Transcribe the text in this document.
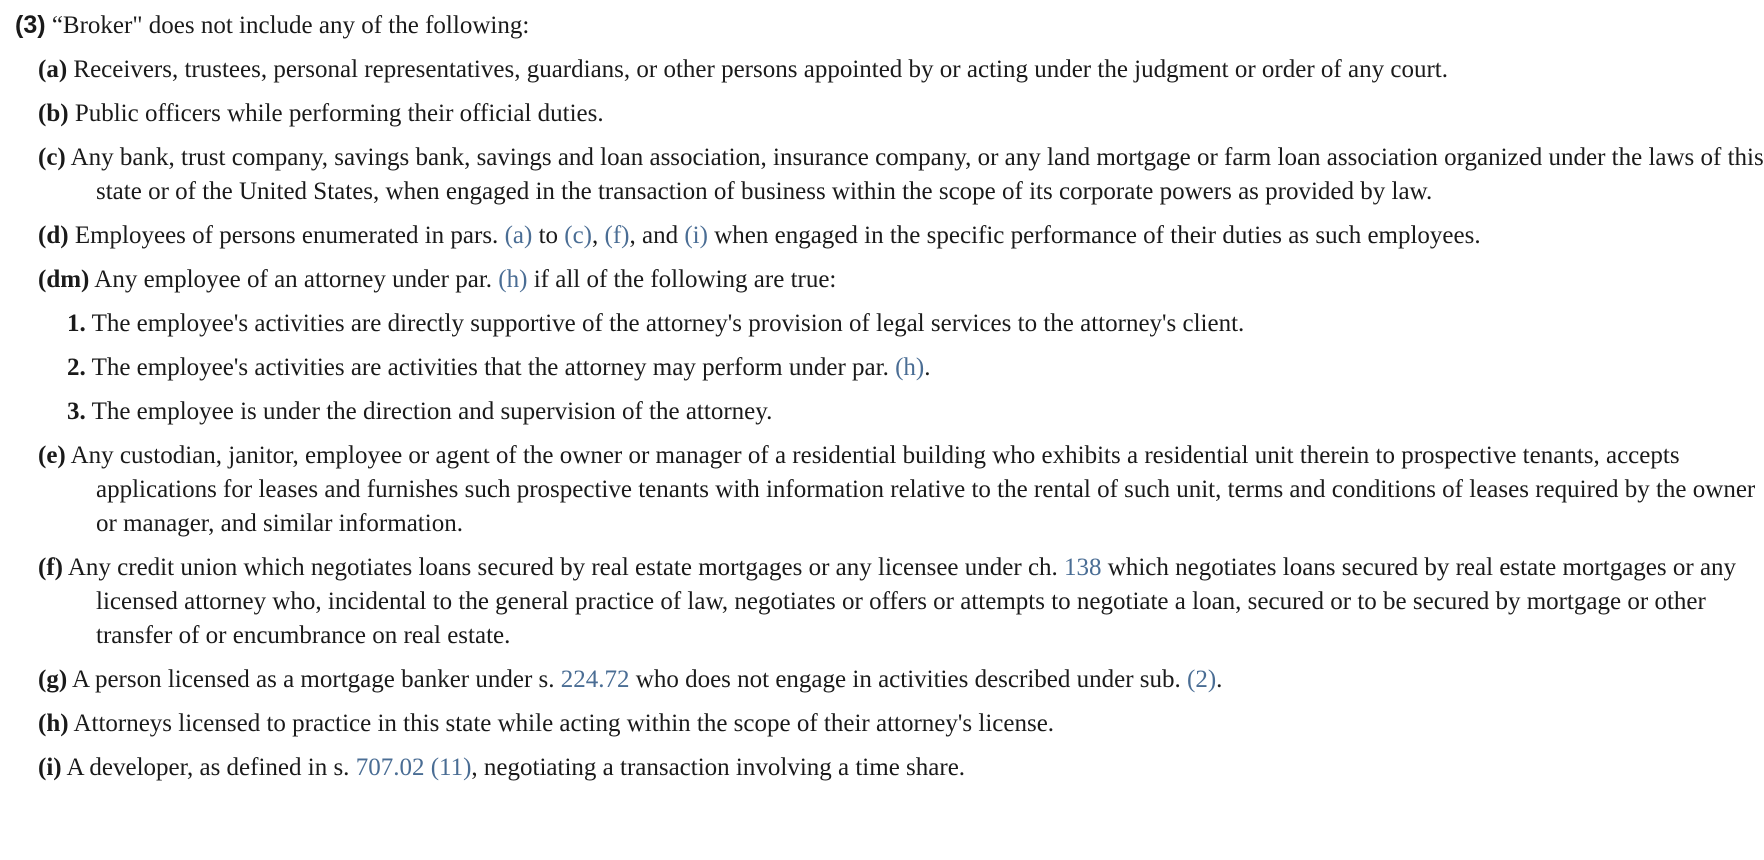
(3) “Broker" does not include any of the following:
(a) Receivers, trustees, personal representatives, guardians, or other persons appointed by or acting under the judgment or order of any court.
(b) Public officers while performing their official duties.
(c) Any bank, trust company, savings bank, savings and loan association, insurance company, or any land mortgage or farm loan association organized under the laws of this state or of the United States, when engaged in the transaction of business within the scope of its corporate powers as provided by law.
(d) Employees of persons enumerated in pars. (a) to (c), (f), and (i) when engaged in the specific performance of their duties as such employees.
(dm) Any employee of an attorney under par. (h) if all of the following are true:
1. The employee's activities are directly supportive of the attorney's provision of legal services to the attorney's client.
2. The employee's activities are activities that the attorney may perform under par. (h).
3. The employee is under the direction and supervision of the attorney.
(e) Any custodian, janitor, employee or agent of the owner or manager of a residential building who exhibits a residential unit therein to prospective tenants, accepts applications for leases and furnishes such prospective tenants with information relative to the rental of such unit, terms and conditions of leases required by the owner or manager, and similar information.
(f) Any credit union which negotiates loans secured by real estate mortgages or any licensee under ch. 138 which negotiates loans secured by real estate mortgages or any licensed attorney who, incidental to the general practice of law, negotiates or offers or attempts to negotiate a loan, secured or to be secured by mortgage or other transfer of or encumbrance on real estate.
(g) A person licensed as a mortgage banker under s. 224.72 who does not engage in activities described under sub. (2).
(h) Attorneys licensed to practice in this state while acting within the scope of their attorney's license.
(i) A developer, as defined in s. 707.02 (11), negotiating a transaction involving a time share.
